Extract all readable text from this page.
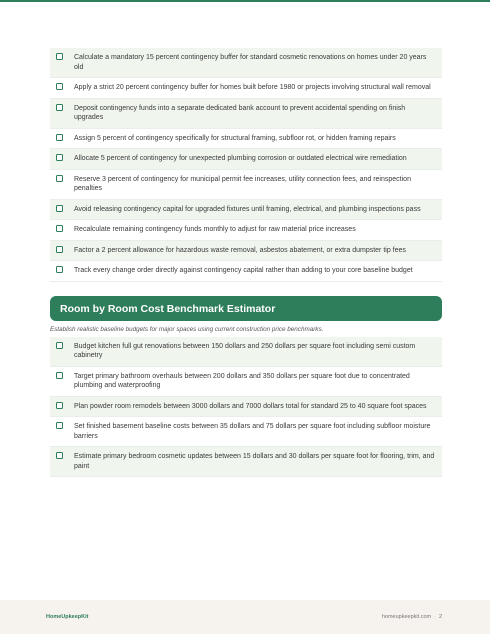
Calculate a mandatory 15 percent contingency buffer for standard cosmetic renovations on homes under 20 years old
Apply a strict 20 percent contingency buffer for homes built before 1980 or projects involving structural wall removal
Deposit contingency funds into a separate dedicated bank account to prevent accidental spending on finish upgrades
Assign 5 percent of contingency specifically for structural framing, subfloor rot, or hidden framing repairs
Allocate 5 percent of contingency for unexpected plumbing corrosion or outdated electrical wire remediation
Reserve 3 percent of contingency for municipal permit fee increases, utility connection fees, and reinspection penalties
Avoid releasing contingency capital for upgraded fixtures until framing, electrical, and plumbing inspections pass
Recalculate remaining contingency funds monthly to adjust for raw material price increases
Factor a 2 percent allowance for hazardous waste removal, asbestos abatement, or extra dumpster tip fees
Track every change order directly against contingency capital rather than adding to your core baseline budget
Room by Room Cost Benchmark Estimator
Establish realistic baseline budgets for major spaces using current construction price benchmarks.
Budget kitchen full gut renovations between 150 dollars and 250 dollars per square foot including semi custom cabinetry
Target primary bathroom overhauls between 200 dollars and 350 dollars per square foot due to concentrated plumbing and waterproofing
Plan powder room remodels between 3000 dollars and 7000 dollars total for standard 25 to 40 square foot spaces
Set finished basement baseline costs between 35 dollars and 75 dollars per square foot including subfloor moisture barriers
Estimate primary bedroom cosmetic updates between 15 dollars and 30 dollars per square foot for flooring, trim, and paint
HomeUpkeepKit	homeupkeepkit.com · 2
